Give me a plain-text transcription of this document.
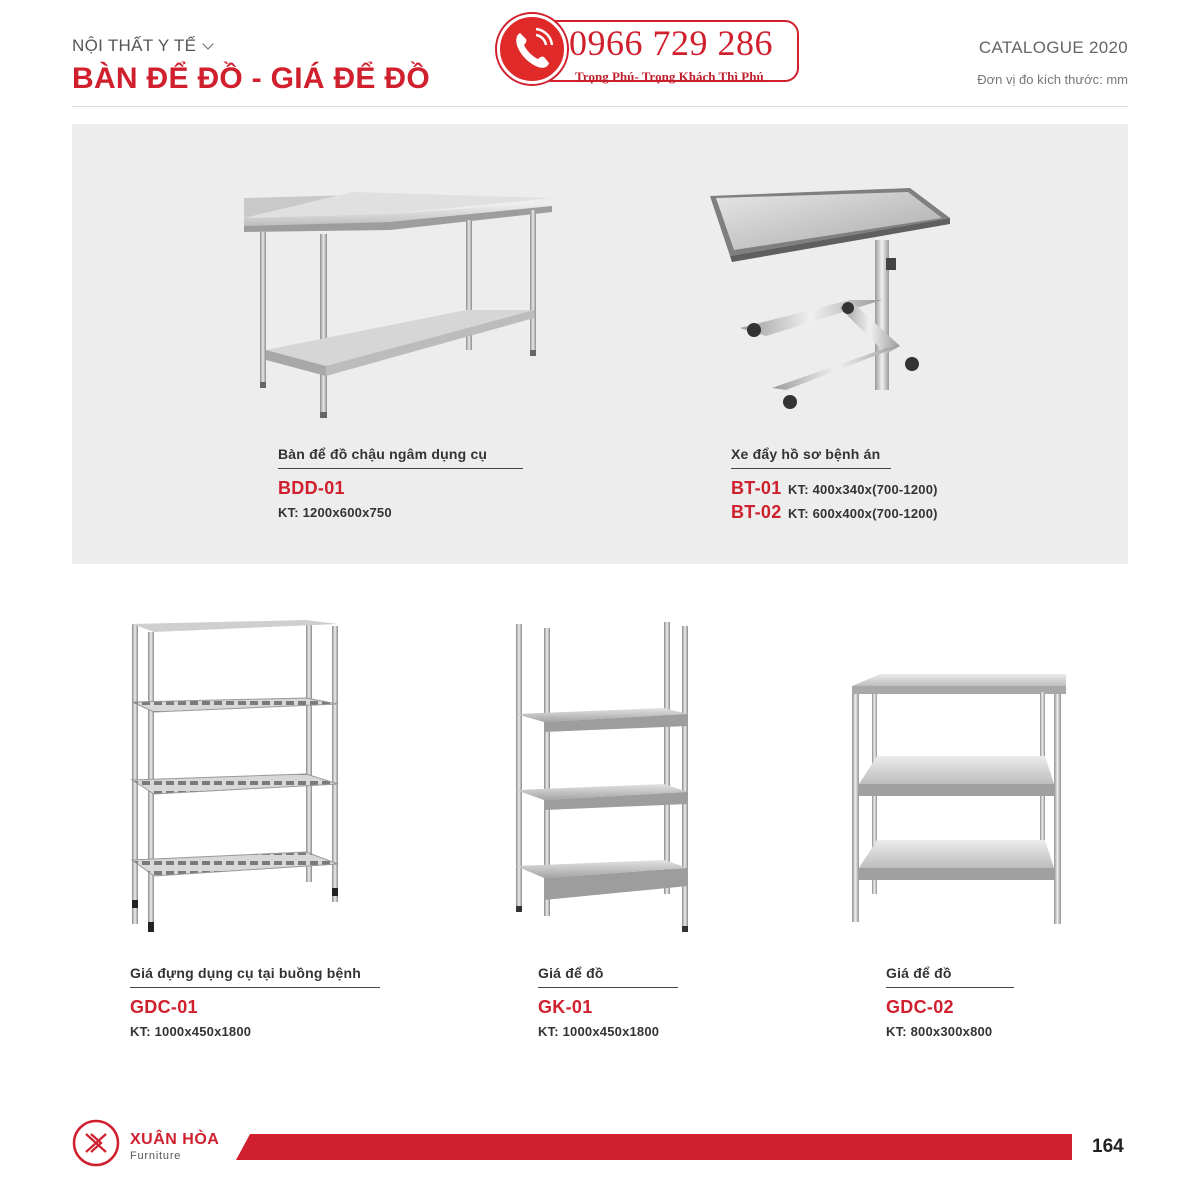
NỘI THẤT Y TẾ
BÀN ĐỂ ĐỒ - GIÁ ĐỂ ĐỒ
0966 729 286
Trọng Phú- Trọng Khách Thì Phú
CATALOGUE 2020
Đơn vị đo kích thước: mm
Bàn để đồ chậu ngâm dụng cụ
BDD-01
KT: 1200x600x750
Xe đẩy hồ sơ bệnh án
BT-01 KT: 400x340x(700-1200)
BT-02 KT: 600x400x(700-1200)
Giá đựng dụng cụ tại buồng bệnh
GDC-01
KT: 1000x450x1800
Giá để đồ
GK-01
KT: 1000x450x1800
Giá để đồ
GDC-02
KT: 800x300x800
XUÂN HÒA
Furniture	164
